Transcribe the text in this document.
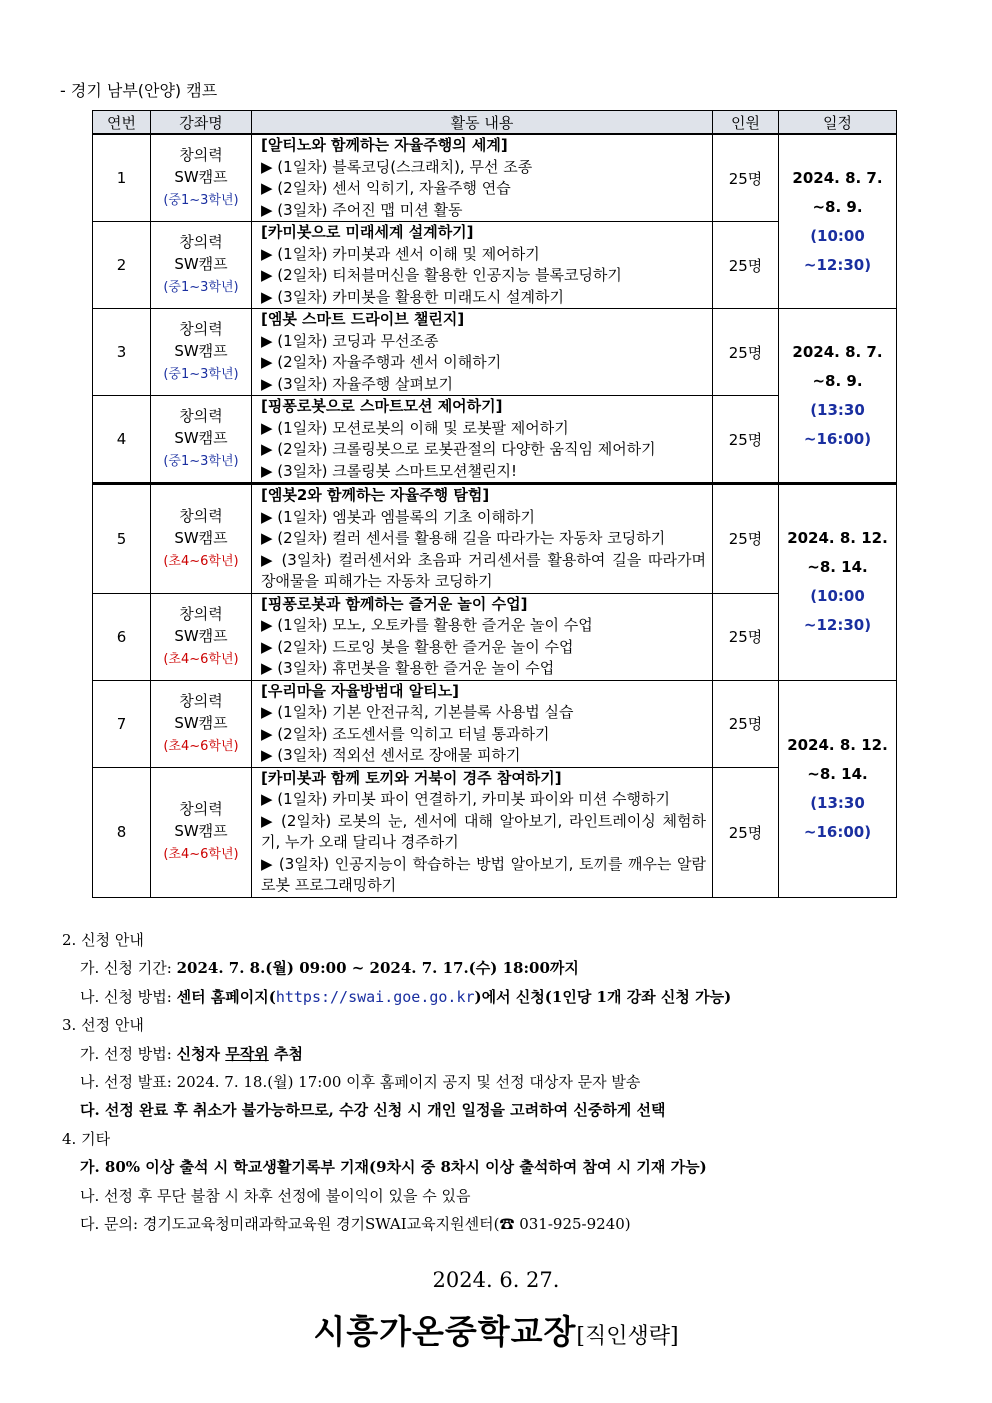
- 경기 남부(안양) 캠프
연번	강좌명	활동 내용	인원	일정
1	창의력
SW캠프
(중1~3학년)	[알티노와 함께하는 자율주행의 세계]
▶ (1일차) 블록코딩(스크래치), 무선 조종
▶ (2일차) 센서 익히기, 자율주행 연습
▶ (3일차) 주어진 맵 미션 활동	25명	2024. 8. 7.
~8. 9.
(10:00
~12:30)
2	창의력
SW캠프
(중1~3학년)	[카미봇으로 미래세계 설계하기]
▶ (1일차) 카미봇과 센서 이해 및 제어하기
▶ (2일차) 티처블머신을 활용한 인공지능 블록코딩하기
▶ (3일차) 카미봇을 활용한 미래도시 설계하기	25명	
3	창의력
SW캠프
(중1~3학년)	[엠봇 스마트 드라이브 챌린지]
▶ (1일차) 코딩과 무선조종
▶ (2일차) 자율주행과 센서 이해하기
▶ (3일차) 자율주행 살펴보기	25명	2024. 8. 7.
~8. 9.
(13:30
~16:00)
4	창의력
SW캠프
(중1~3학년)	[핑퐁로봇으로 스마트모션 제어하기]
▶ (1일차) 모션로봇의 이해 및 로봇팔 제어하기
▶ (2일차) 크롤링봇으로 로봇관절의 다양한 움직임 제어하기
▶ (3일차) 크롤링봇 스마트모션챌린지!	25명	
5	창의력
SW캠프
(초4~6학년)	[엠봇2와 함께하는 자율주행 탐험]
▶ (1일차) 엠봇과 엠블록의 기초 이해하기
▶ (2일차) 컬러 센서를 활용해 길을 따라가는 자동차 코딩하기
▶ (3일차) 컬러센서와 초음파 거리센서를 활용하여 길을 따라가며 장애물을 피해가는 자동차 코딩하기	25명	2024. 8. 12.
~8. 14.
(10:00
~12:30)
6	창의력
SW캠프
(초4~6학년)	[핑퐁로봇과 함께하는 즐거운 놀이 수업]
▶ (1일차) 모노, 오토카를 활용한 즐거운 놀이 수업
▶ (2일차) 드로잉 봇을 활용한 즐거운 놀이 수업
▶ (3일차) 휴먼봇을 활용한 즐거운 놀이 수업	25명	
7	창의력
SW캠프
(초4~6학년)	[우리마을 자율방범대 알티노]
▶ (1일차) 기본 안전규칙, 기본블록 사용법 실습
▶ (2일차) 조도센서를 익히고 터널 통과하기
▶ (3일차) 적외선 센서로 장애물 피하기	25명	2024. 8. 12.
~8. 14.
(13:30
~16:00)
8	창의력
SW캠프
(초4~6학년)	[카미봇과 함께 토끼와 거북이 경주 참여하기]
▶ (1일차) 카미봇 파이 연결하기, 카미봇 파이와 미션 수행하기
▶ (2일차) 로봇의 눈, 센서에 대해 알아보기, 라인트레이싱 체험하기, 누가 오래 달리나 경주하기
▶ (3일차) 인공지능이 학습하는 방법 알아보기, 토끼를 깨우는 알람로봇 프로그래밍하기	25명	
2. 신청 안내
가. 신청 기간: 2024. 7. 8.(월) 09:00 ~ 2024. 7. 17.(수) 18:00까지
나. 신청 방법: 센터 홈페이지(https://swai.goe.go.kr)에서 신청(1인당 1개 강좌 신청 가능)
3. 선정 안내
가. 선정 방법: 신청자 무작위 추첨
나. 선정 발표: 2024. 7. 18.(월) 17:00 이후 홈페이지 공지 및 선정 대상자 문자 발송
다. 선정 완료 후 취소가 불가능하므로, 수강 신청 시 개인 일정을 고려하여 신중하게 선택
4. 기타
가. 80% 이상 출석 시 학교생활기록부 기재(9차시 중 8차시 이상 출석하여 참여 시 기재 가능)
나. 선정 후 무단 불참 시 차후 선정에 불이익이 있을 수 있음
다. 문의: 경기도교육청미래과학교육원 경기SWAI교육지원센터(☎ 031-925-9240)
2024. 6. 27.
시흥가온중학교장[직인생략]
